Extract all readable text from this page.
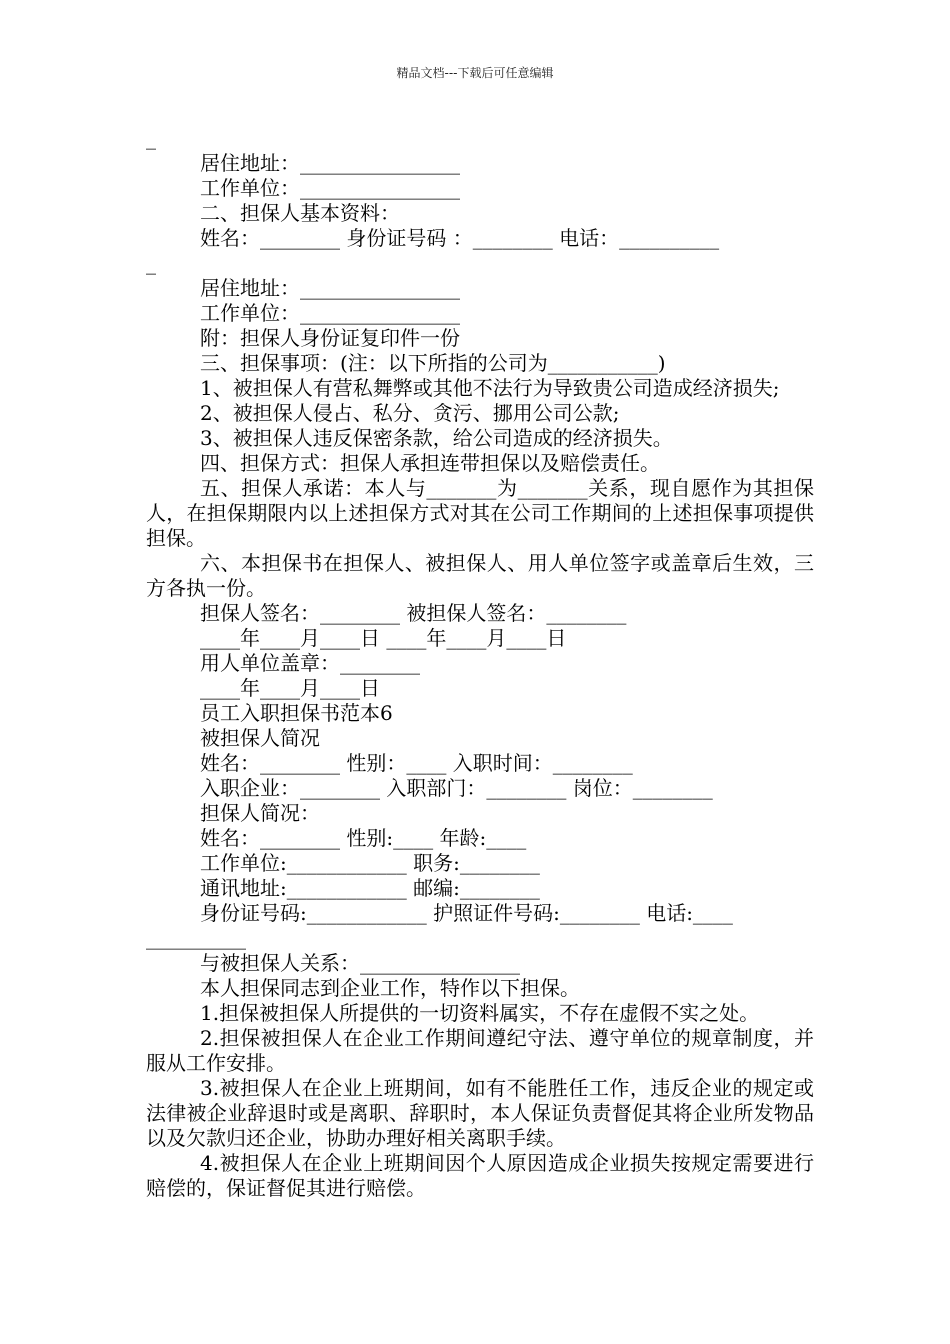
精品文档---下载后可任意编辑
_
居住地址：________________
工作单位：________________
二、担保人基本资料：
姓名：________ 身份证号码 ：________ 电话：__________
_
居住地址：________________
工作单位：________________
附：担保人身份证复印件一份
三、担保事项：(注：以下所指的公司为___________)
1、被担保人有营私舞弊或其他不法行为导致贵公司造成经济损失;
2、被担保人侵占、私分、贪污、挪用公司公款;
3、被担保人违反保密条款，给公司造成的经济损失。
四、担保方式：担保人承担连带担保以及赔偿责任。
五、担保人承诺：本人与_______为_______关系，现自愿作为其担保人，在担保期限内以上述担保方式对其在公司工作期间的上述担保事项提供担保。
六、本担保书在担保人、被担保人、用人单位签字或盖章后生效，三方各执一份。
担保人签名：________ 被担保人签名：________
____年____月____日 ____年____月____日
用人单位盖章：________
____年____月____日
员工入职担保书范本6
被担保人简况
姓名：________ 性别：____ 入职时间：________
入职企业：________ 入职部门：________ 岗位：________
担保人简况：
姓名：________ 性别:____ 年龄:____
工作单位:____________ 职务:________
通讯地址:____________ 邮编:________
身份证号码:____________ 护照证件号码:________ 电话:____
__________
与被担保人关系：________________
本人担保同志到企业工作，特作以下担保。
1.担保被担保人所提供的一切资料属实，不存在虚假不实之处。
2.担保被担保人在企业工作期间遵纪守法、遵守单位的规章制度，并服从工作安排。
3.被担保人在企业上班期间，如有不能胜任工作，违反企业的规定或法律被企业辞退时或是离职、辞职时，本人保证负责督促其将企业所发物品以及欠款归还企业，协助办理好相关离职手续。
4.被担保人在企业上班期间因个人原因造成企业损失按规定需要进行赔偿的，保证督促其进行赔偿。
